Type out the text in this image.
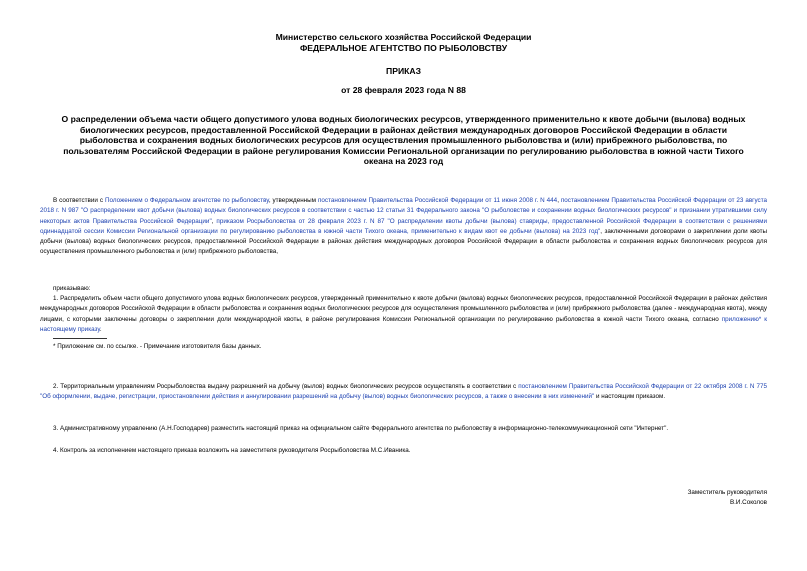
Министерство сельского хозяйства Российской Федерации
ФЕДЕРАЛЬНОЕ АГЕНТСТВО ПО РЫБОЛОВСТВУ
ПРИКАЗ
от 28 февраля 2023 года N 88
О распределении объема части общего допустимого улова водных биологических ресурсов, утвержденного применительно к квоте добычи (вылова) водных биологических ресурсов, предоставленной Российской Федерации в районах действия международных договоров Российской Федерации в области рыболовства и сохранения водных биологических ресурсов для осуществления промышленного рыболовства и (или) прибрежного рыболовства, по пользователям Российской Федерации в районе регулирования Комиссии Региональной организации по регулированию рыболовства в южной части Тихого океана на 2023 год

В соответствии с Положением о Федеральном агентстве по рыболовству, утвержденным постановлением Правительства Российской Федерации от 11 июня 2008 г. N 444, постановлением Правительства Российской Федерации от 23 августа 2018 г. N 987 "О распределении квот добычи (вылова) водных биологических ресурсов в соответствии с частью 12 статьи 31 Федерального закона "О рыболовстве и сохранении водных биологических ресурсов" и признании утратившими силу некоторых актов Правительства Российской Федерации", приказом Росрыболовства от 28 февраля 2023 г. N 87 "О распределении квоты добычи (вылова) ставриды, предоставленной Российской Федерации в соответствии с решениями одиннадцатой сессии Комиссии Региональной организации по регулированию рыболовства в южной части Тихого океана, применительно к видам квот ее добычи (вылова) на 2023 год", заключенными договорами о закреплении доли квоты добычи (вылова) водных биологических ресурсов, предоставленной Российской Федерации в районах действия международных договоров Российской Федерации в области рыболовства и сохранения водных биологических ресурсов для осуществления промышленного рыболовства и (или) прибрежного рыболовства,

приказываю:

1. Распределить объем части общего допустимого улова водных биологических ресурсов, утвержденный применительно к квоте добычи (вылова) водных биологических ресурсов, предоставленной Российской Федерации в районах действия международных договоров Российской Федерации в области рыболовства и сохранения водных биологических ресурсов для осуществления промышленного рыболовства и (или) прибрежного рыболовства (далее - международная квота), между лицами, с которыми заключены договоры о закреплении доли международной квоты, в районе регулирования Комиссии Региональной организации по регулированию рыболовства в южной части Тихого океана, согласно приложению* к настоящему приказу.

* Приложение см. по ссылке. - Примечание изготовителя базы данных.

2. Территориальным управлениям Росрыболовства выдачу разрешений на добычу (вылов) водных биологических ресурсов осуществлять в соответствии с постановлением Правительства Российской Федерации от 22 октября 2008 г. N 775 "Об оформлении, выдаче, регистрации, приостановлении действия и аннулировании разрешений на добычу (вылов) водных биологических ресурсов, а также о внесении в них изменений" и настоящим приказом.

3. Административному управлению (А.Н.Господарев) разместить настоящий приказ на официальном сайте Федерального агентства по рыболовству в информационно-телекоммуникационной сети "Интернет".

4. Контроль за исполнением настоящего приказа возложить на заместителя руководителя Росрыболовства М.С.Иваника.

Заместитель руководителя
В.И.Соколов
